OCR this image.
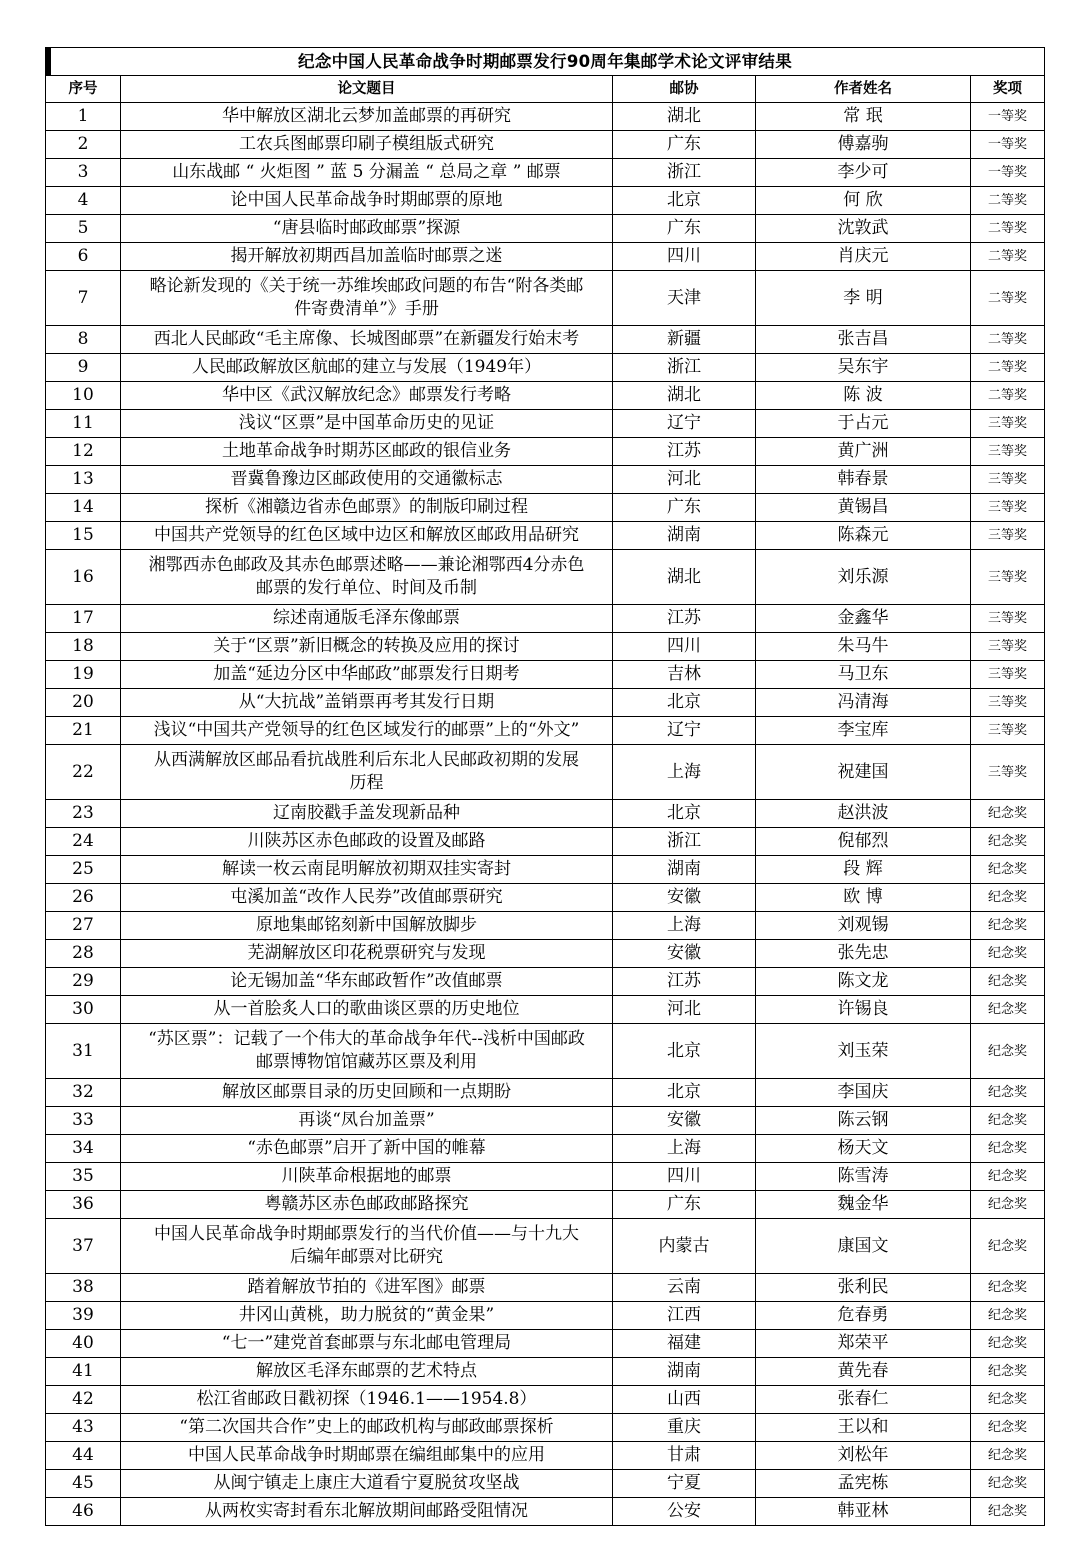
纪念中国人民革命战争时期邮票发行90周年集邮学术论文评审结果				
序号	论文题目	邮协	作者姓名	奖项
1	华中解放区湖北云梦加盖邮票的再研究	湖北	常 珉	一等奖
2	工农兵图邮票印刷子模组版式研究	广东	傅嘉驹	一等奖
3	山东战邮 “ 火炬图 ” 蓝 5 分漏盖 “ 总局之章 ” 邮票	浙江	李少可	一等奖
4	论中国人民革命战争时期邮票的原地	北京	何 欣	二等奖
5	“唐县临时邮政邮票”探源	广东	沈敦武	二等奖
6	揭开解放初期西昌加盖临时邮票之迷	四川	肖庆元	二等奖
7	略论新发现的《关于统一苏维埃邮政问题的布告“附各类邮
件寄费清单”》手册	天津	李 明	二等奖
8	西北人民邮政“毛主席像、长城图邮票”在新疆发行始末考	新疆	张吉昌	二等奖
9	人民邮政解放区航邮的建立与发展（1949年）	浙江	吴东宇	二等奖
10	华中区《武汉解放纪念》邮票发行考略	湖北	陈 波	二等奖
11	浅议“区票”是中国革命历史的见证	辽宁	于占元	三等奖
12	土地革命战争时期苏区邮政的银信业务	江苏	黄广洲	三等奖
13	晋冀鲁豫边区邮政使用的交通徽标志	河北	韩春景	三等奖
14	探析《湘赣边省赤色邮票》的制版印刷过程	广东	黄锡昌	三等奖
15	中国共产党领导的红色区域中边区和解放区邮政用品研究	湖南	陈森元	三等奖
16	湘鄂西赤色邮政及其赤色邮票述略——兼论湘鄂西4分赤色
邮票的发行单位、时间及币制	湖北	刘乐源	三等奖
17	综述南通版毛泽东像邮票	江苏	金鑫华	三等奖
18	关于“区票”新旧概念的转换及应用的探讨	四川	朱马牛	三等奖
19	加盖“延边分区中华邮政”邮票发行日期考	吉林	马卫东	三等奖
20	从“大抗战”盖销票再考其发行日期	北京	冯清海	三等奖
21	浅议“中国共产党领导的红色区域发行的邮票”上的“外文”	辽宁	李宝库	三等奖
22	从西满解放区邮品看抗战胜利后东北人民邮政初期的发展
历程	上海	祝建国	三等奖
23	辽南胶戳手盖发现新品种	北京	赵洪波	纪念奖
24	川陕苏区赤色邮政的设置及邮路	浙江	倪郁烈	纪念奖
25	解读一枚云南昆明解放初期双挂实寄封	湖南	段 辉	纪念奖
26	屯溪加盖“改作人民券”改值邮票研究	安徽	欧 博	纪念奖
27	原地集邮铭刻新中国解放脚步	上海	刘观锡	纪念奖
28	芜湖解放区印花税票研究与发现	安徽	张先忠	纪念奖
29	论无锡加盖“华东邮政暂作”改值邮票	江苏	陈文龙	纪念奖
30	从一首脍炙人口的歌曲谈区票的历史地位	河北	许锡良	纪念奖
31	“苏区票”：记载了一个伟大的革命战争年代--浅析中国邮政
邮票博物馆馆藏苏区票及利用	北京	刘玉荣	纪念奖
32	解放区邮票目录的历史回顾和一点期盼	北京	李国庆	纪念奖
33	再谈“凤台加盖票”	安徽	陈云钢	纪念奖
34	“赤色邮票”启开了新中国的帷幕	上海	杨天文	纪念奖
35	川陕革命根据地的邮票	四川	陈雪涛	纪念奖
36	粤赣苏区赤色邮政邮路探究	广东	魏金华	纪念奖
37	中国人民革命战争时期邮票发行的当代价值——与十九大
后编年邮票对比研究	内蒙古	康国文	纪念奖
38	踏着解放节拍的《进军图》邮票	云南	张利民	纪念奖
39	井冈山黄桃，助力脱贫的“黄金果”	江西	危春勇	纪念奖
40	“七一”建党首套邮票与东北邮电管理局	福建	郑荣平	纪念奖
41	解放区毛泽东邮票的艺术特点	湖南	黄先春	纪念奖
42	松江省邮政日戳初探（1946.1——1954.8）	山西	张春仁	纪念奖
43	“第二次国共合作”史上的邮政机构与邮政邮票探析	重庆	王以和	纪念奖
44	中国人民革命战争时期邮票在编组邮集中的应用	甘肃	刘松年	纪念奖
45	从闽宁镇走上康庄大道看宁夏脱贫攻坚战	宁夏	孟宪栋	纪念奖
46	从两枚实寄封看东北解放期间邮路受阻情况	公安	韩亚林	纪念奖
